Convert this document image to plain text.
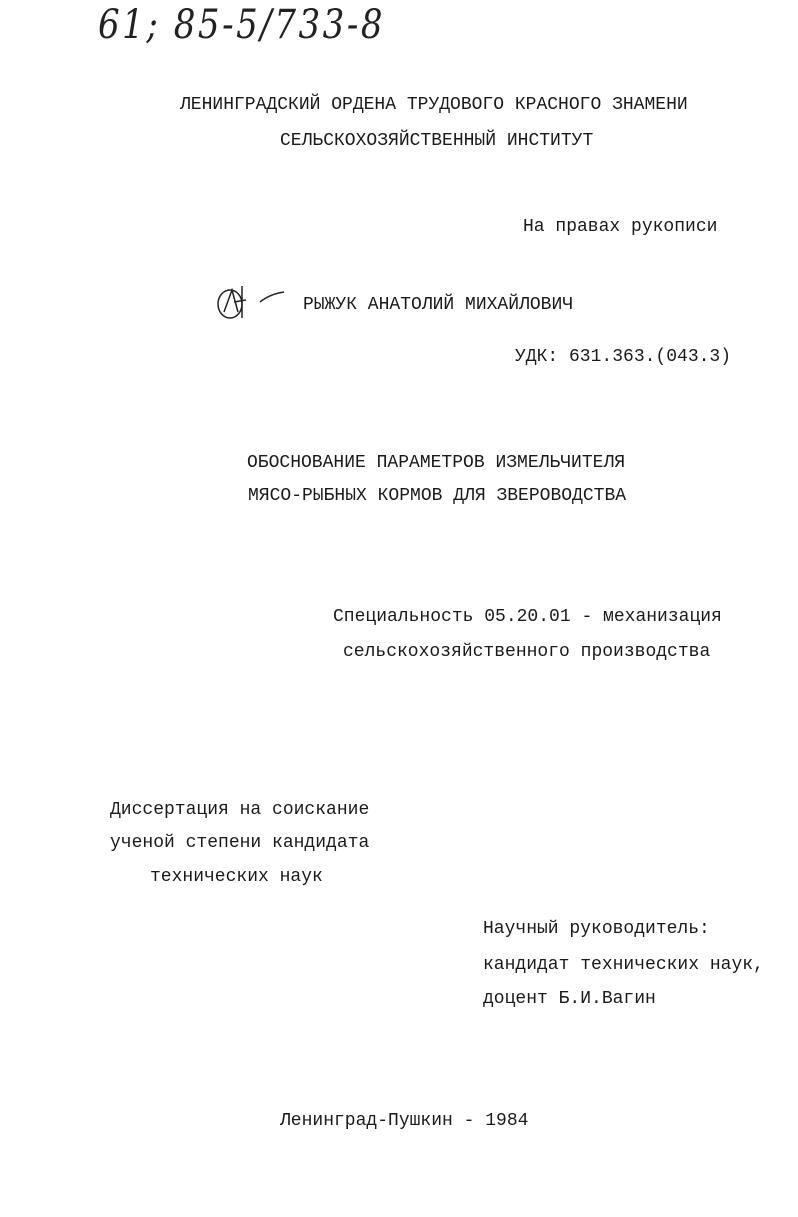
61; 85-5/733-8
ЛЕНИНГРАДСКИЙ ОРДЕНА ТРУДОВОГО КРАСНОГО ЗНАМЕНИ
СЕЛЬСКОХОЗЯЙСТВЕННЫЙ ИНСТИТУТ
На правах рукописи
РЫЖУК АНАТОЛИЙ МИХАЙЛОВИЧ
УДК: 631.363.(043.3)
ОБОСНОВАНИЕ ПАРАМЕТРОВ ИЗМЕЛЬЧИТЕЛЯ
МЯСО-РЫБНЫХ КОРМОВ ДЛЯ ЗВЕРОВОДСТВА
Специальность 05.20.01 - механизация
сельскохозяйственного производства
Диссертация на соискание
ученой степени кандидата
технических наук
Научный руководитель:
кандидат технических наук,
доцент Б.И.Вагин
Ленинград-Пушкин - 1984
